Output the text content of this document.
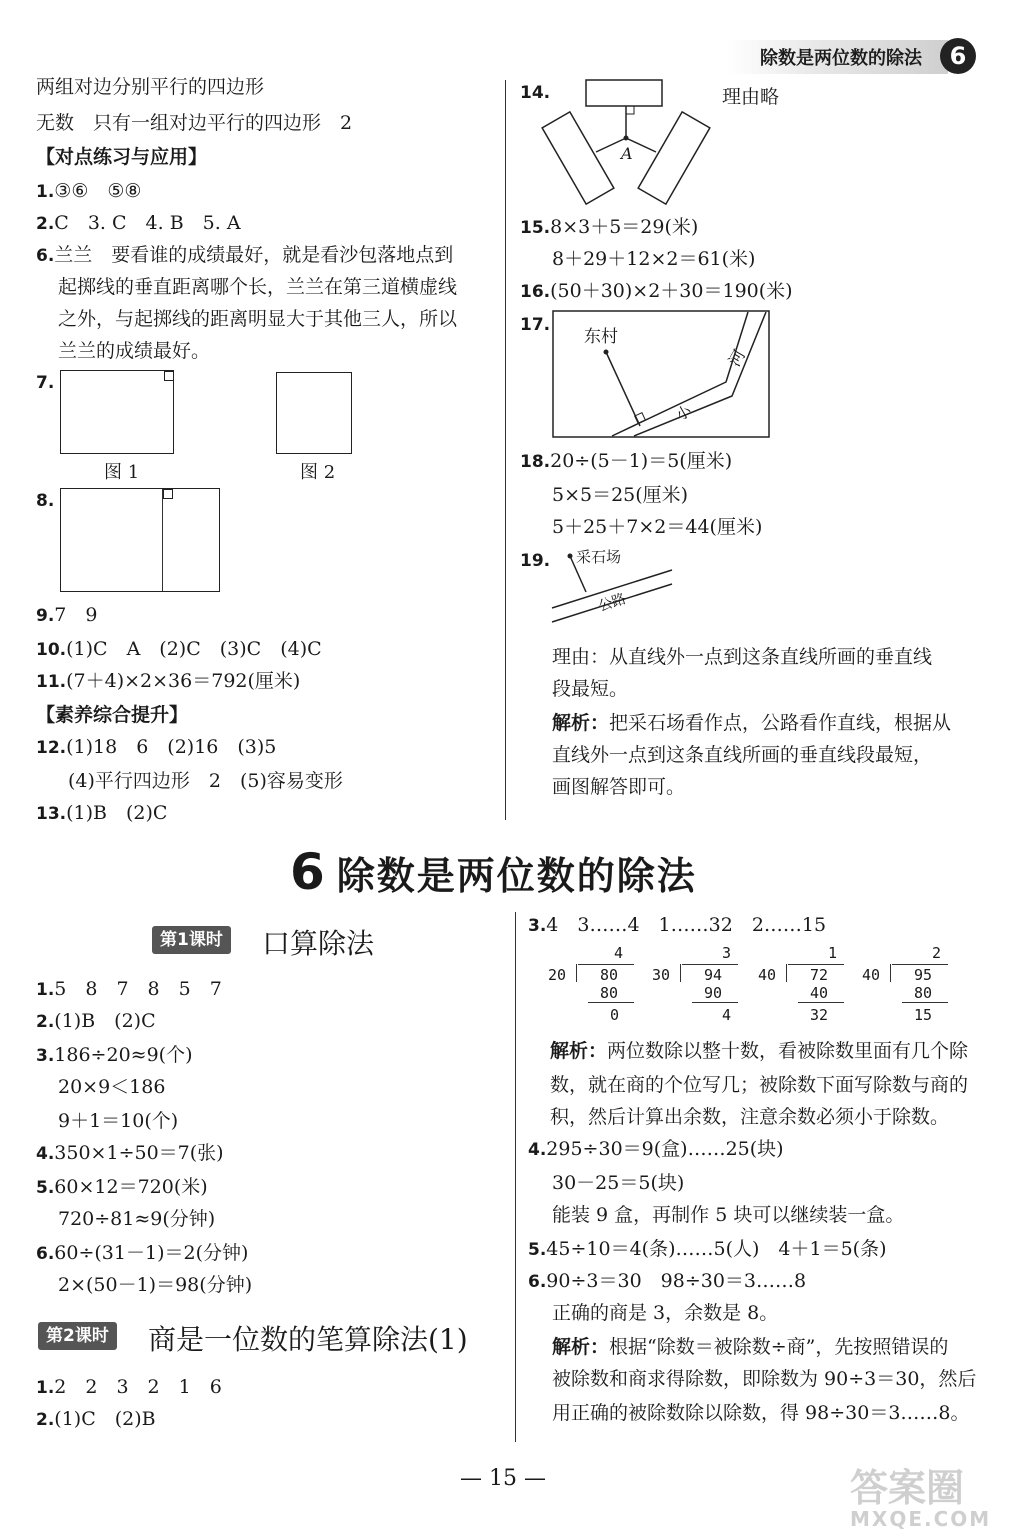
除数是两位数的除法	6
两组对边分别平行的四边形
无数　只有一组对边平行的四边形　2
【对点练习与应用】
1.③⑥　⑤⑧
2.C　3. C　4. B　5. A
6.兰兰　要看谁的成绩最好，就是看沙包落地点到
起掷线的垂直距离哪个长，兰兰在第三道横虚线
之外，与起掷线的距离明显大于其他三人，所以
兰兰的成绩最好。
7.
图 1	图 2
8.
9.7　9
10.(1)C　A　(2)C　(3)C　(4)C
11.(7＋4)×2×36＝792(厘米)
【素养综合提升】
12.(1)18　6　(2)16　(3)5
(4)平行四边形　2　(5)容易变形
13.(1)B　(2)C
14.
A
理由略
15.8×3＋5＝29(米)
8＋29＋12×2＝61(米)
16.(50＋30)×2＋30＝190(米)
17.
东村
河
小
18.20÷(5－1)＝5(厘米)
5×5＝25(厘米)
5＋25＋7×2＝44(厘米)
19. 采石场
公路
理由：从直线外一点到这条直线所画的垂直线
段最短。
解析：把采石场看作点，公路看作直线，根据从
直线外一点到这条直线所画的垂直线段最短，
画图解答即可。
6 除数是两位数的除法
第1课时 口算除法
1.5　8　7　8　5　7
2.(1)B　(2)C
3.186÷20≈9(个)
20×9＜186
9＋1＝10(个)
4.350×1÷50＝7(张)
5.60×12＝720(米)
720÷81≈9(分钟)
6.60÷(31－1)＝2(分钟)
2×(50－1)＝98(分钟)
第2课时 商是一位数的笔算除法(1)
1.2　2　3　2　1　6
2.(1)C　(2)B
3.4　3……4　1……32　2……15
4
20 80
80
0
3
30 94
90
4
1
40 72
40
32
2
40 95
80
15
解析：两位数除以整十数，看被除数里面有几个除
数，就在商的个位写几；被除数下面写除数与商的
积，然后计算出余数，注意余数必须小于除数。
4.295÷30＝9(盒)……25(块)
30－25＝5(块)
能装 9 盒，再制作 5 块可以继续装一盒。
5.45÷10＝4(条)……5(人)　4＋1＝5(条)
6.90÷3＝30　98÷30＝3……8
正确的商是 3，余数是 8。
解析：根据“除数＝被除数÷商”，先按照错误的
被除数和商求得除数，即除数为 90÷3＝30，然后
用正确的被除数除以除数，得 98÷30＝3……8。
— 15 —	答案圈
MXQE.COM
